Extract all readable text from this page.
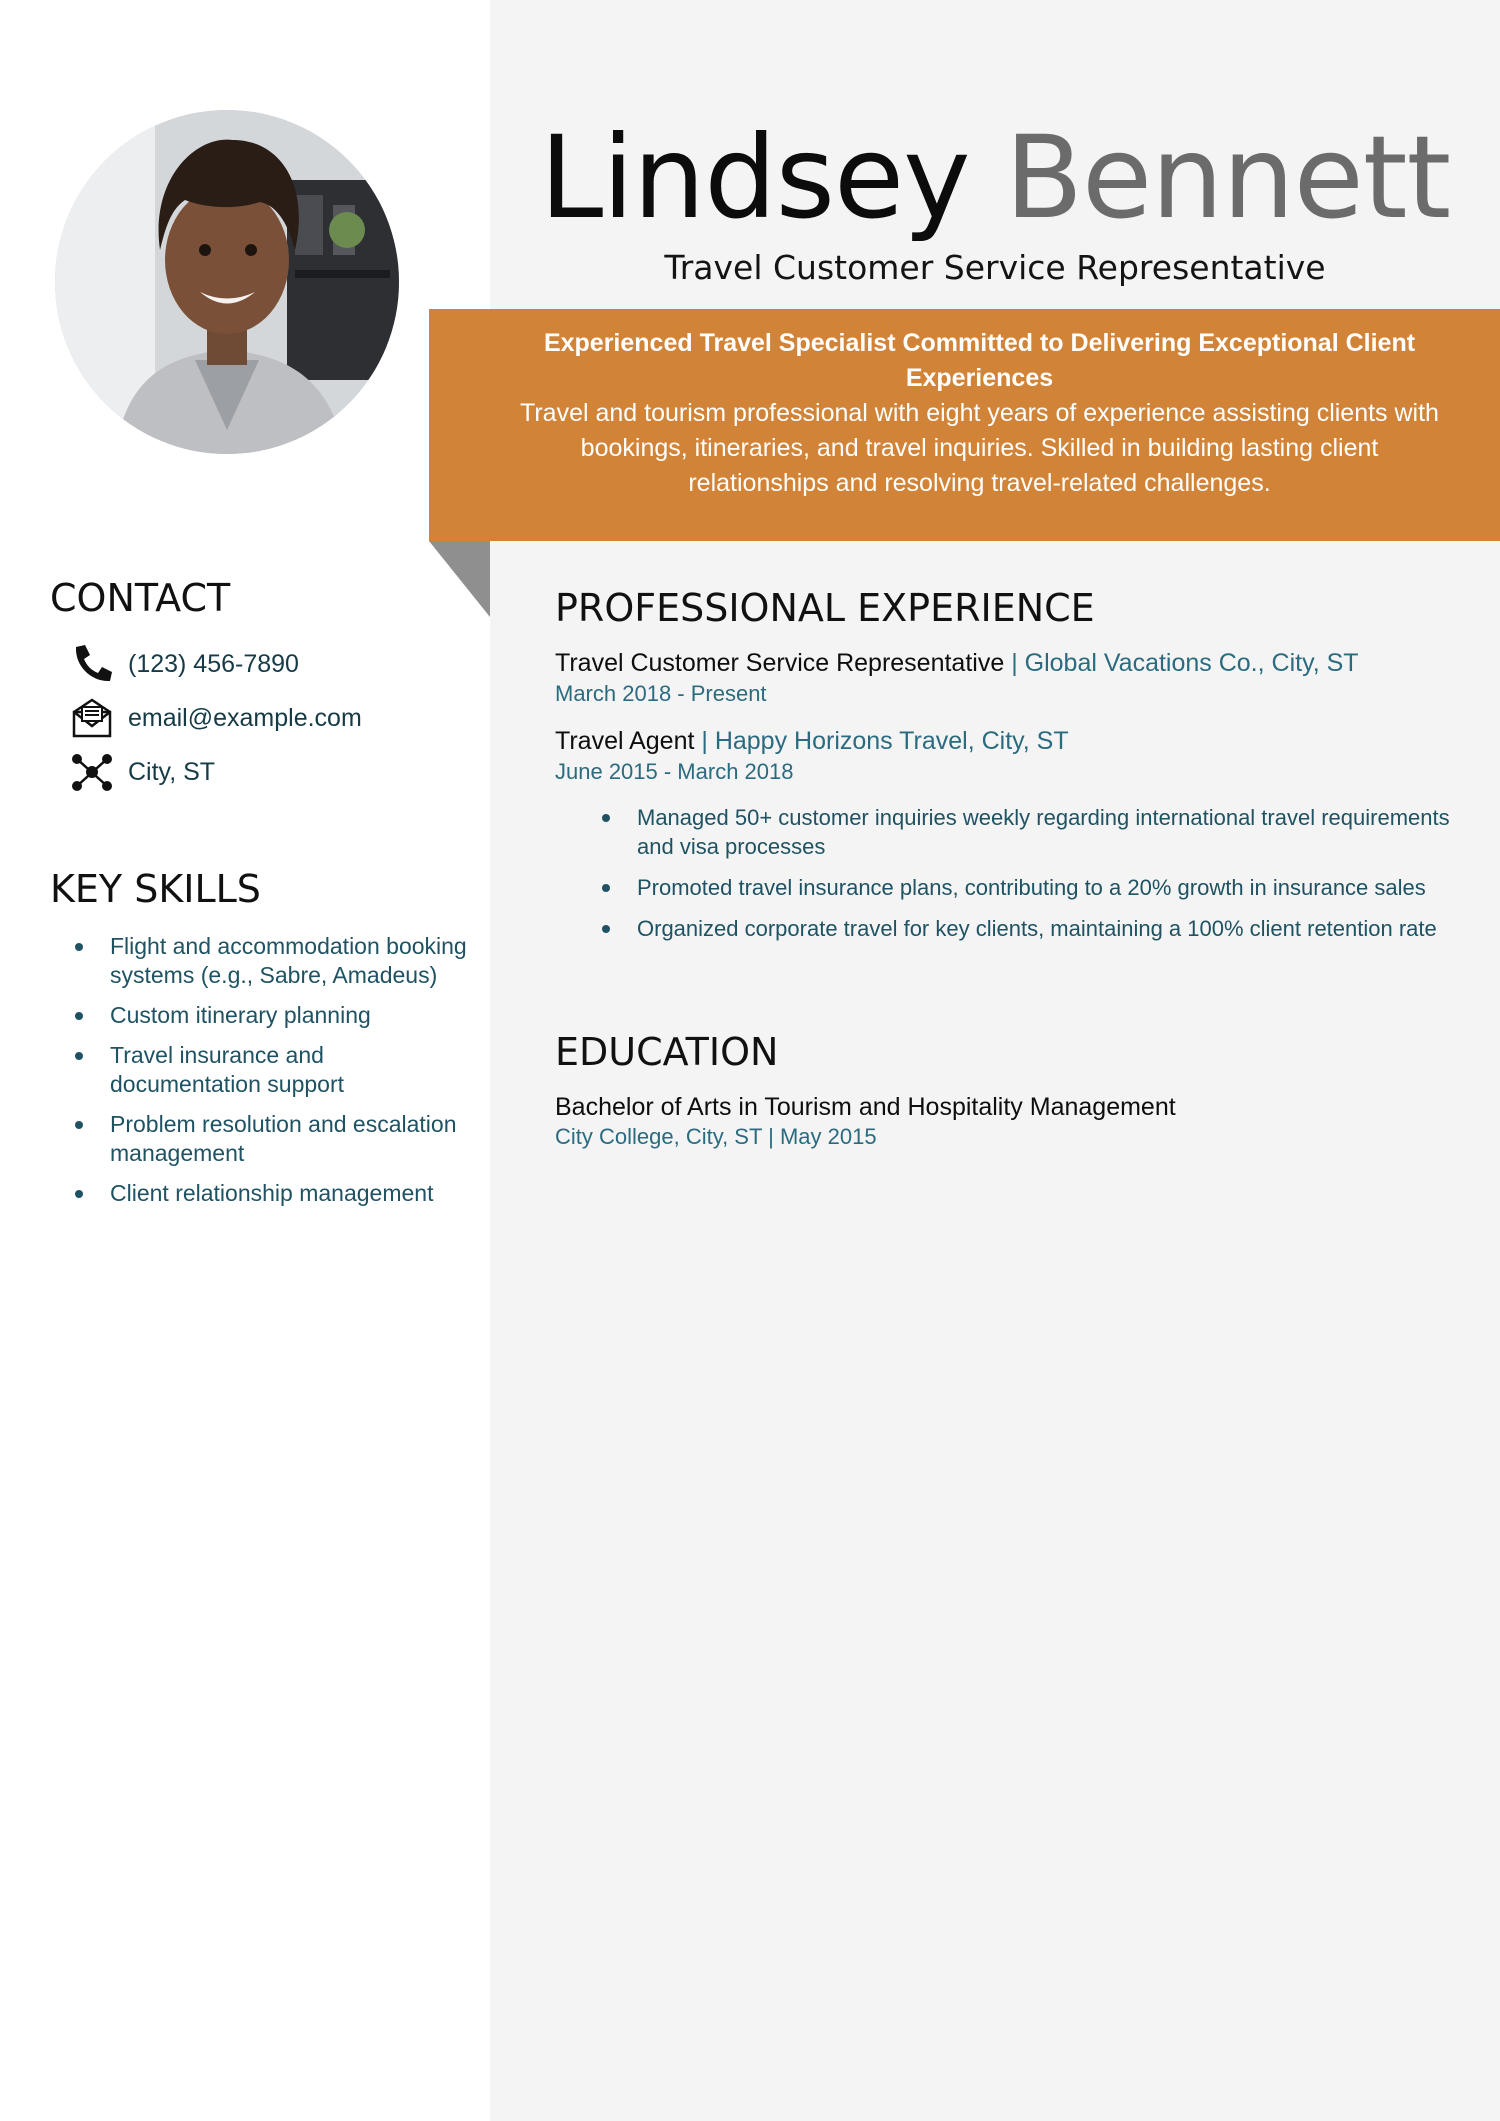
Lindsey Bennett
Travel Customer Service Representative
Experienced Travel Specialist Committed to Delivering Exceptional Client Experiences
Travel and tourism professional with eight years of experience assisting clients with bookings, itineraries, and travel inquiries. Skilled in building lasting client relationships and resolving travel-related challenges.
CONTACT
(123) 456-7890
email@example.com
City, ST
KEY SKILLS
Flight and accommodation booking systems (e.g., Sabre, Amadeus)
Custom itinerary planning
Travel insurance and documentation support
Problem resolution and escalation management
Client relationship management
PROFESSIONAL EXPERIENCE
Travel Customer Service Representative | Global Vacations Co., City, ST
March 2018 - Present
Travel Agent | Happy Horizons Travel, City, ST
June 2015 - March 2018
Managed 50+ customer inquiries weekly regarding international travel requirements and visa processes
Promoted travel insurance plans, contributing to a 20% growth in insurance sales
Organized corporate travel for key clients, maintaining a 100% client retention rate
EDUCATION
Bachelor of Arts in Tourism and Hospitality Management
City College, City, ST | May 2015
